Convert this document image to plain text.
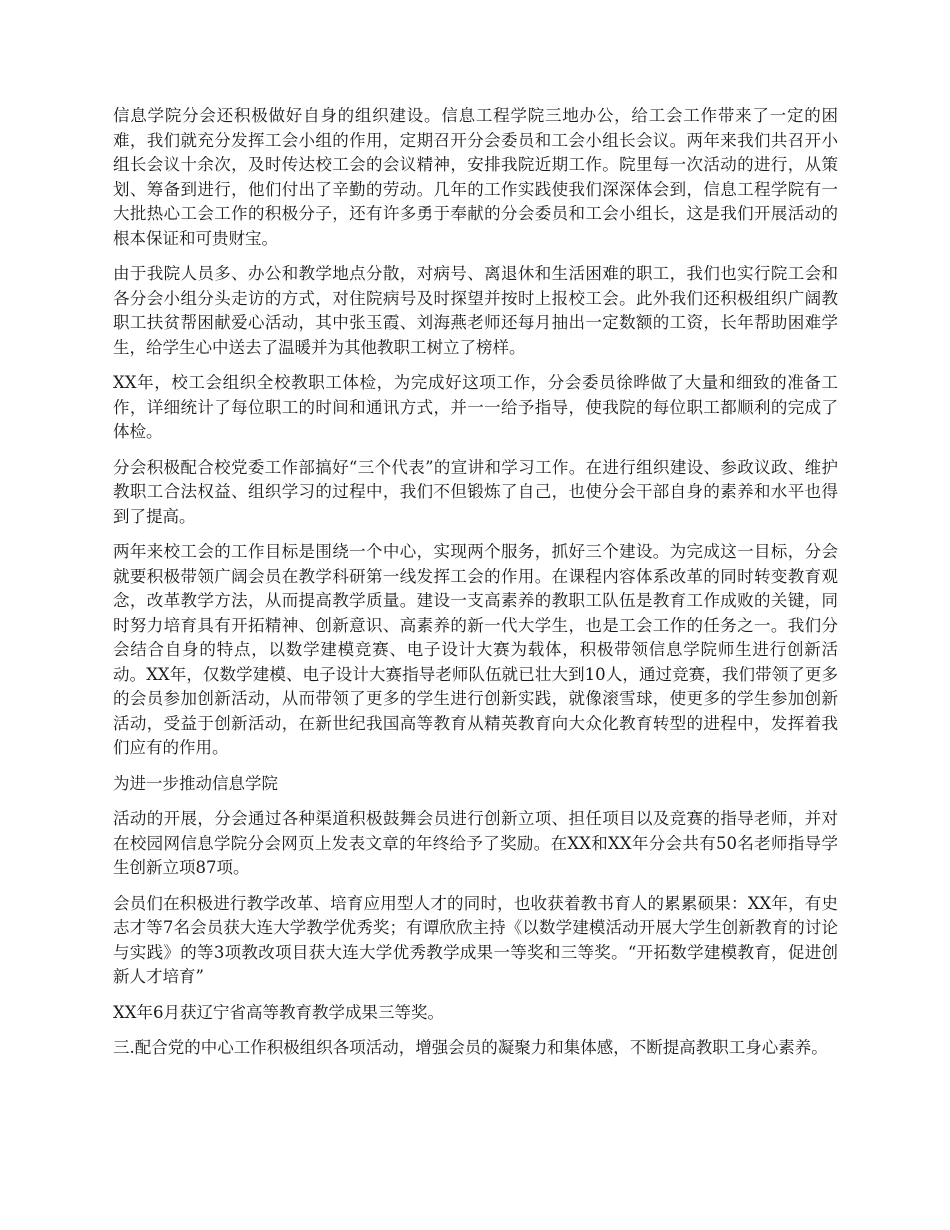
信息学院分会还积极做好自身的组织建设。信息工程学院三地办公，给工会工作带来了一定的困难，我们就充分发挥工会小组的作用，定期召开分会委员和工会小组长会议。两年来我们共召开小组长会议十余次，及时传达校工会的会议精神，安排我院近期工作。院里每一次活动的进行，从策划、筹备到进行，他们付出了辛勤的劳动。几年的工作实践使我们深深体会到，信息工程学院有一大批热心工会工作的积极分子，还有许多勇于奉献的分会委员和工会小组长，这是我们开展活动的根本保证和可贵财宝。

由于我院人员多、办公和教学地点分散，对病号、离退休和生活困难的职工，我们也实行院工会和各分会小组分头走访的方式，对住院病号及时探望并按时上报校工会。此外我们还积极组织广阔教职工扶贫帮困献爱心活动，其中张玉霞、刘海燕老师还每月抽出一定数额的工资，长年帮助困难学生，给学生心中送去了温暖并为其他教职工树立了榜样。

XX年，校工会组织全校教职工体检，为完成好这项工作，分会委员徐晔做了大量和细致的准备工作，详细统计了每位职工的时间和通讯方式，并一一给予指导，使我院的每位职工都顺利的完成了体检。

分会积极配合校党委工作部搞好“三个代表”的宣讲和学习工作。在进行组织建设、参政议政、维护教职工合法权益、组织学习的过程中，我们不但锻炼了自己，也使分会干部自身的素养和水平也得到了提高。

两年来校工会的工作目标是围绕一个中心，实现两个服务，抓好三个建设。为完成这一目标，分会就要积极带领广阔会员在教学科研第一线发挥工会的作用。在课程内容体系改革的同时转变教育观念，改革教学方法，从而提高教学质量。建设一支高素养的教职工队伍是教育工作成败的关键，同时努力培育具有开拓精神、创新意识、高素养的新一代大学生，也是工会工作的任务之一。我们分会结合自身的特点，以数学建模竞赛、电子设计大赛为载体，积极带领信息学院师生进行创新活动。XX年，仅数学建模、电子设计大赛指导老师队伍就已壮大到10人，通过竞赛，我们带领了更多的会员参加创新活动，从而带领了更多的学生进行创新实践，就像滚雪球，使更多的学生参加创新活动，受益于创新活动，在新世纪我国高等教育从精英教育向大众化教育转型的进程中，发挥着我们应有的作用。

为进一步推动信息学院

活动的开展，分会通过各种渠道积极鼓舞会员进行创新立项、担任项目以及竞赛的指导老师，并对在校园网信息学院分会网页上发表文章的年终给予了奖励。在XX和XX年分会共有50名老师指导学生创新立项87项。

会员们在积极进行教学改革、培育应用型人才的同时，也收获着教书育人的累累硕果：XX年，有史志才等7名会员获大连大学教学优秀奖；有谭欣欣主持《以数学建模活动开展大学生创新教育的讨论与实践》的等3项教改项目获大连大学优秀教学成果一等奖和三等奖。“开拓数学建模教育，促进创新人才培育”

XX年6月获辽宁省高等教育教学成果三等奖。

三.配合党的中心工作积极组织各项活动，增强会员的凝聚力和集体感，不断提高教职工身心素养。
